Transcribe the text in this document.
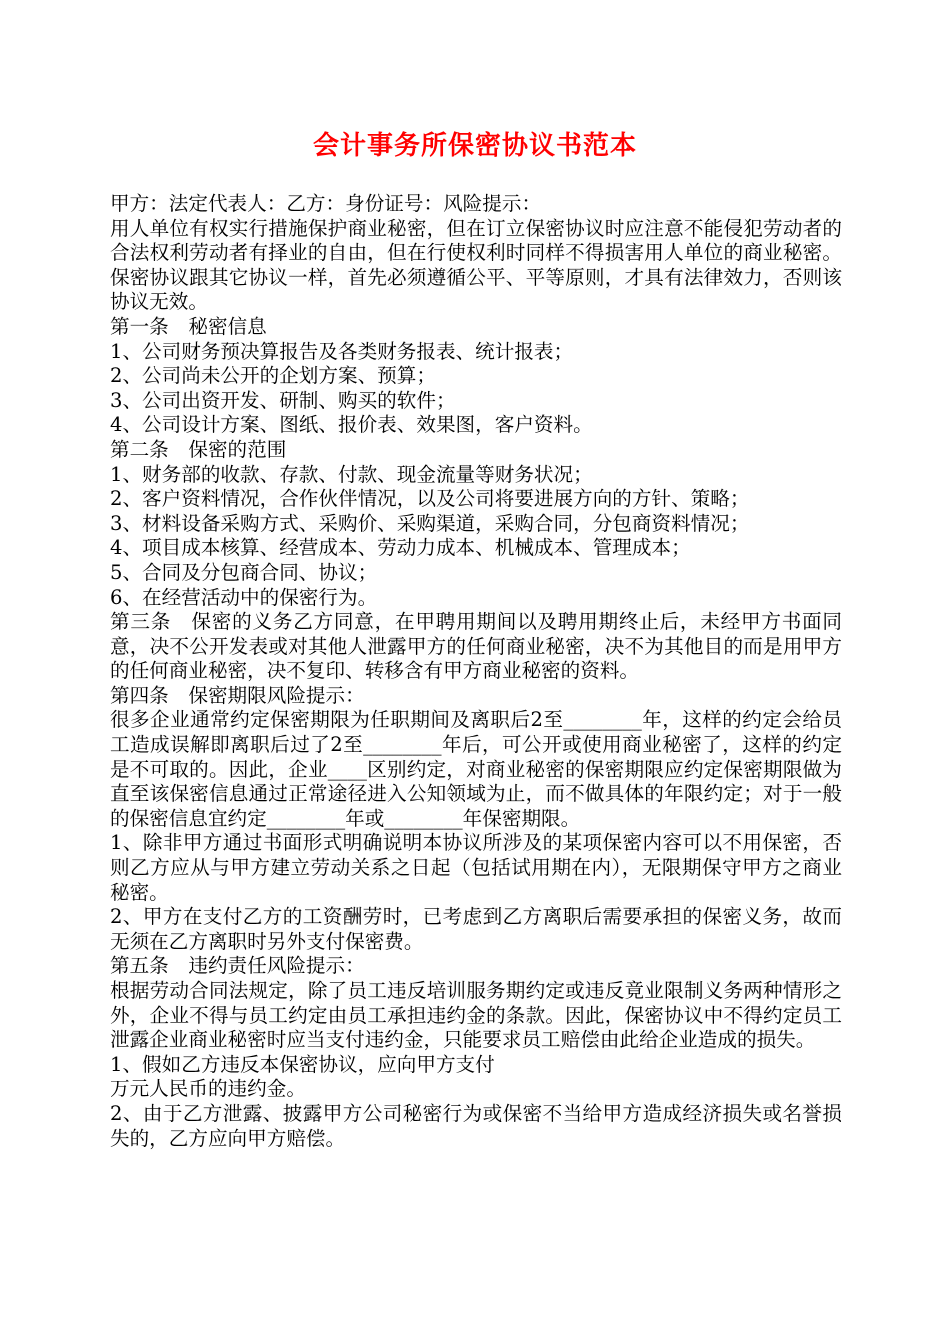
会计事务所保密协议书范本

甲方：法定代表人：乙方：身份证号：风险提示：

用人单位有权实行措施保护商业秘密，但在订立保密协议时应注意不能侵犯劳动者的合法权利劳动者有择业的自由，但在行使权利时同样不得损害用人单位的商业秘密。保密协议跟其它协议一样，首先必须遵循公平、平等原则，才具有法律效力，否则该协议无效。

第一条　秘密信息

1、公司财务预决算报告及各类财务报表、统计报表；

2、公司尚未公开的企划方案、预算；

3、公司出资开发、研制、购买的软件；

4、公司设计方案、图纸、报价表、效果图，客户资料。

第二条　保密的范围

1、财务部的收款、存款、付款、现金流量等财务状况；

2、客户资料情况，合作伙伴情况，以及公司将要进展方向的方针、策略；

3、材料设备采购方式、采购价、采购渠道，采购合同，分包商资料情况；

4、项目成本核算、经营成本、劳动力成本、机械成本、管理成本；

5、合同及分包商合同、协议；

6、在经营活动中的保密行为。

第三条　保密的义务乙方同意，在甲聘用期间以及聘用期终止后，未经甲方书面同意，决不公开发表或对其他人泄露甲方的任何商业秘密，决不为其他目的而是用甲方的任何商业秘密，决不复印、转移含有甲方商业秘密的资料。

第四条　保密期限风险提示：

很多企业通常约定保密期限为任职期间及离职后2至________年，这样的约定会给员工造成误解即离职后过了2至________年后，可公开或使用商业秘密了，这样的约定是不可取的。因此，企业____区别约定，对商业秘密的保密期限应约定保密期限做为直至该保密信息通过正常途径进入公知领域为止，而不做具体的年限约定；对于一般的保密信息宜约定________年或________年保密期限。

1、除非甲方通过书面形式明确说明本协议所涉及的某项保密内容可以不用保密，否则乙方应从与甲方建立劳动关系之日起（包括试用期在内），无限期保守甲方之商业秘密。

2、甲方在支付乙方的工资酬劳时，已考虑到乙方离职后需要承担的保密义务，故而无须在乙方离职时另外支付保密费。

第五条　违约责任风险提示：

根据劳动合同法规定，除了员工违反培训服务期约定或违反竟业限制义务两种情形之外，企业不得与员工约定由员工承担违约金的条款。因此，保密协议中不得约定员工泄露企业商业秘密时应当支付违约金，只能要求员工赔偿由此给企业造成的损失。

1、假如乙方违反本保密协议，应向甲方支付

万元人民币的违约金。

2、由于乙方泄露、披露甲方公司秘密行为或保密不当给甲方造成经济损失或名誉损失的，乙方应向甲方赔偿。
